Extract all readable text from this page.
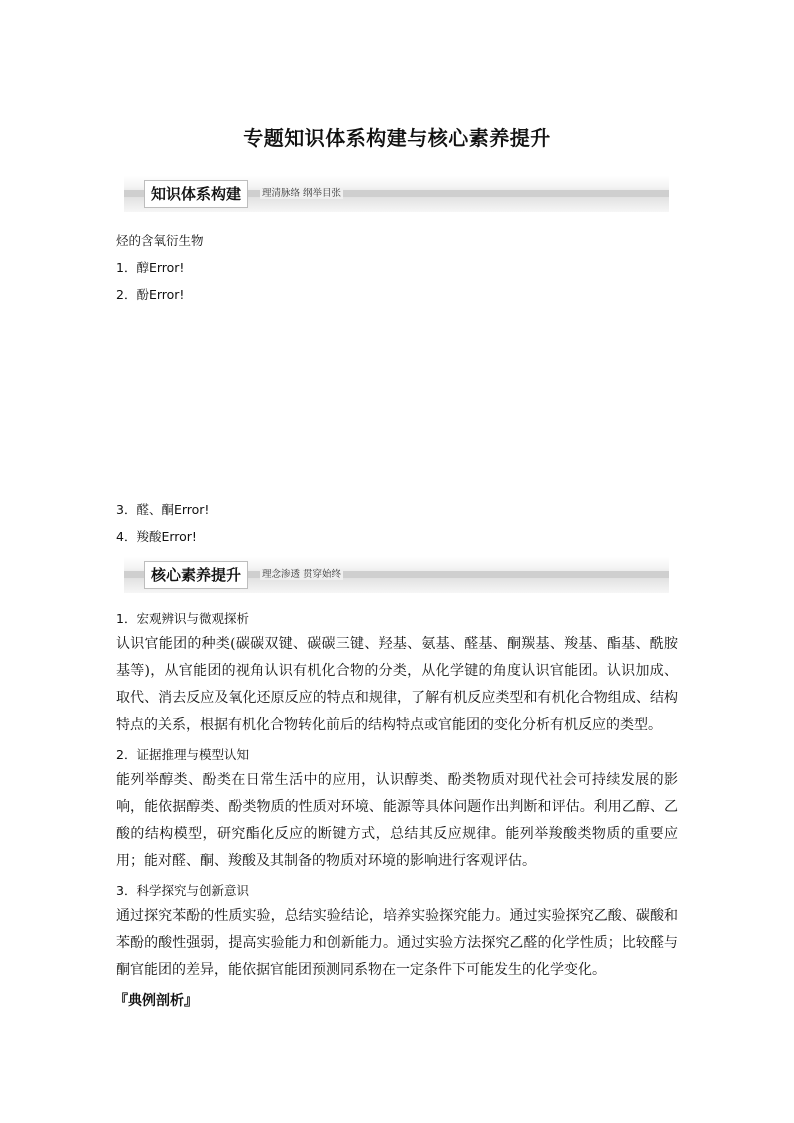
专题知识体系构建与核心素养提升
知识体系构建	理清脉络 纲举目张
烃的含氧衍生物
1．醇Error!
2．酚Error!
3．醛、酮Error!
4．羧酸Error!
核心素养提升	理念渗透 贯穿始终
1．宏观辨识与微观探析
认识官能团的种类(碳碳双键、碳碳三键、羟基、氨基、醛基、酮羰基、羧基、酯基、酰胺基等)，从官能团的视角认识有机化合物的分类，从化学键的角度认识官能团。认识加成、取代、消去反应及氧化还原反应的特点和规律，了解有机反应类型和有机化合物组成、结构特点的关系，根据有机化合物转化前后的结构特点或官能团的变化分析有机反应的类型。
2．证据推理与模型认知
能列举醇类、酚类在日常生活中的应用，认识醇类、酚类物质对现代社会可持续发展的影响，能依据醇类、酚类物质的性质对环境、能源等具体问题作出判断和评估。利用乙醇、乙酸的结构模型，研究酯化反应的断键方式，总结其反应规律。能列举羧酸类物质的重要应用；能对醛、酮、羧酸及其制备的物质对环境的影响进行客观评估。
3．科学探究与创新意识
通过探究苯酚的性质实验，总结实验结论，培养实验探究能力。通过实验探究乙酸、碳酸和苯酚的酸性强弱，提高实验能力和创新能力。通过实验方法探究乙醛的化学性质；比较醛与酮官能团的差异，能依据官能团预测同系物在一定条件下可能发生的化学变化。
『典例剖析』
